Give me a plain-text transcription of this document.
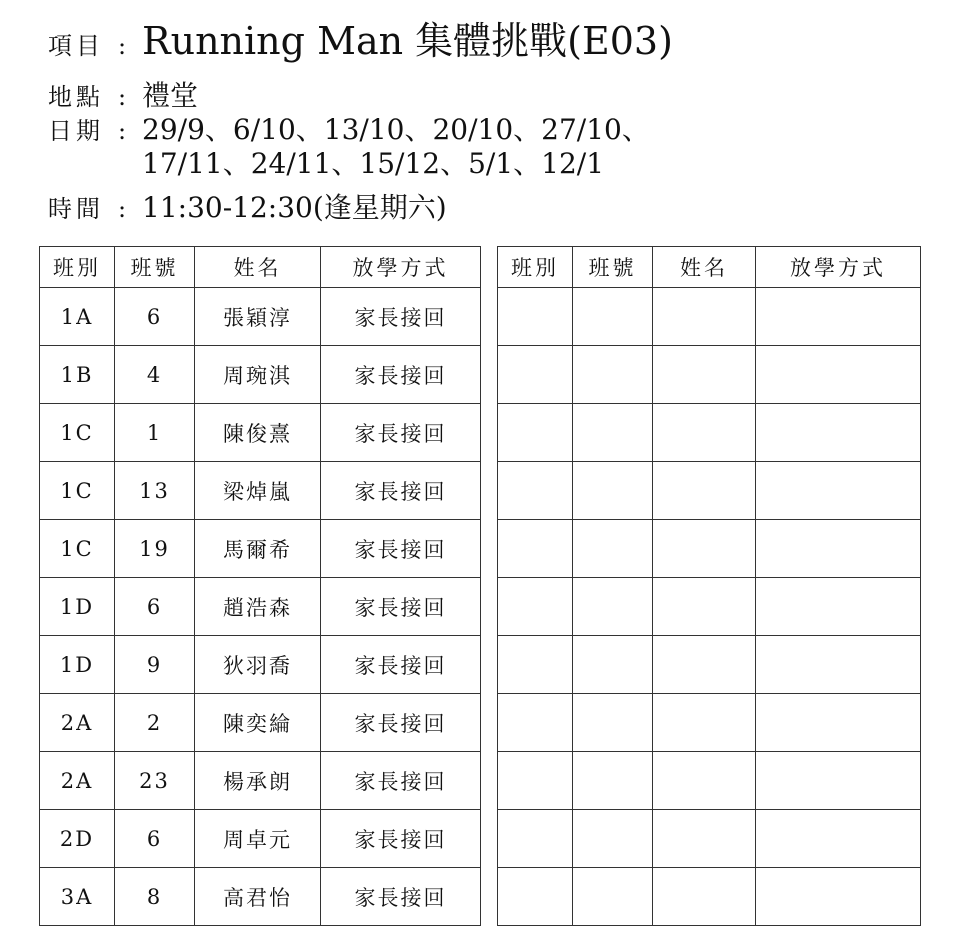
項目 : Running Man 集體挑戰(E03)
地點 : 禮堂
日期 : 29/9、6/10、13/10、20/10、27/10、
17/11、24/11、15/12、5/1、12/1
時間 : 11:30-12:30(逢星期六)
班別	班號	姓名	放學方式
1A	6	張穎淳	家長接回
1B	4	周琬淇	家長接回
1C	1	陳俊熹	家長接回
1C	13	梁焯嵐	家長接回
1C	19	馬爾希	家長接回
1D	6	趙浩森	家長接回
1D	9	狄羽喬	家長接回
2A	2	陳奕綸	家長接回
2A	23	楊承朗	家長接回
2D	6	周卓元	家長接回
3A	8	高君怡	家長接回
班別	班號	姓名	放學方式
